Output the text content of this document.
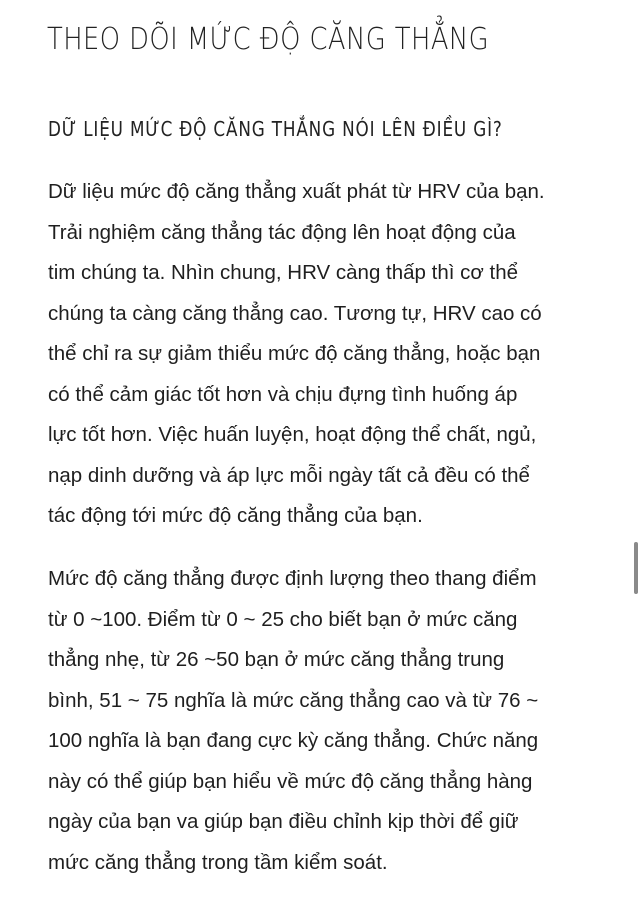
THEO DÕI MỨC ĐỘ CĂNG THẲNG
DỮ LIỆU MỨC ĐỘ CĂNG THẲNG NÓI LÊN ĐIỀU GÌ?

Dữ liệu mức độ căng thẳng xuất phát từ HRV của bạn.
Trải nghiệm căng thẳng tác động lên hoạt động của
tim chúng ta. Nhìn chung, HRV càng thấp thì cơ thể
chúng ta càng căng thẳng cao. Tương tự, HRV cao có
thể chỉ ra sự giảm thiểu mức độ căng thẳng, hoặc bạn
có thể cảm giác tốt hơn và chịu đựng tình huống áp
lực tốt hơn. Việc huấn luyện, hoạt động thể chất, ngủ,
nạp dinh dưỡng và áp lực mỗi ngày tất cả đều có thể
tác động tới mức độ căng thẳng của bạn.

Mức độ căng thẳng được định lượng theo thang điểm
từ 0 ~100. Điểm từ 0 ~ 25 cho biết bạn ở mức căng
thẳng nhẹ, từ 26 ~50 bạn ở mức căng thẳng trung
bình, 51 ~ 75 nghĩa là mức căng thẳng cao và từ 76 ~
100 nghĩa là bạn đang cực kỳ căng thẳng. Chức năng
này có thể giúp bạn hiểu về mức độ căng thẳng hàng
ngày của bạn va giúp bạn điều chỉnh kịp thời để giữ
mức căng thẳng trong tầm kiểm soát.
